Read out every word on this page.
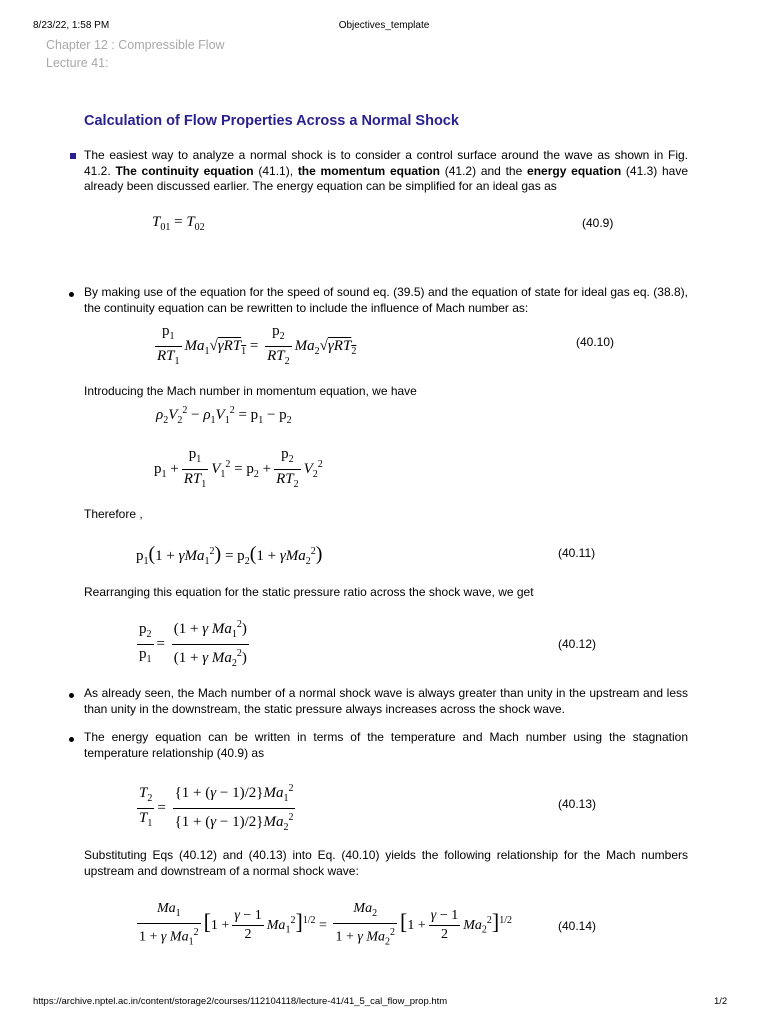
8/23/22, 1:58 PM	Objectives_template
Chapter 12 : Compressible Flow
Lecture 41:
Calculation of Flow Properties Across a Normal Shock
The easiest way to analyze a normal shock is to consider a control surface around the wave as shown in Fig. 41.2. The continuity equation (41.1), the momentum equation (41.2) and the energy equation (41.3) have already been discussed earlier. The energy equation can be simplified for an ideal gas as
$T_{01} = T_{02}$	(40.9)
By making use of the equation for the speed of sound eq. (39.5) and the equation of state for ideal gas eq. (38.8), the continuity equation can be rewritten to include the influence of Mach number as:
$\frac{p_1}{RT_1} Ma_1√\gamma RT_1 = \frac{p_2}{RT_2} Ma_2√\gamma RT_2$
(40.10)
Introducing the Mach number in momentum equation, we have
$\rho_2V_2^2 - \rho_1V_1^2 = p_1 - p_2$
$p_1 + \frac{p_1}{RT_1} V_1^2 = p_2 + \frac{p_2}{RT_2} V_2^2$
Therefore ,
$p_1(1 + \gamma Ma_1^2) = p_2(1 + \gamma Ma_2^2)$	(40.11)
Rearranging this equation for the static pressure ratio across the shock wave, we get
$\frac{p_2}{p_1} = \frac{(1 + \gamma Ma_1^2)}{(1 + \gamma Ma_2^2)}$	(40.12)
As already seen, the Mach number of a normal shock wave is always greater than unity in the upstream and less than unity in the downstream, the static pressure always increases across the shock wave.
The energy equation can be written in terms of the temperature and Mach number using the stagnation temperature relationship (40.9) as
$\frac{T_2}{T_1} = \frac{\{1 + (\gamma - 1)/2\}Ma_1^2}{\{1 + (\gamma - 1)/2\}Ma_2^2}$	(40.13)
Substituting Eqs (40.12) and (40.13) into Eq. (40.10) yields the following relationship for the Mach numbers upstream and downstream of a normal shock wave:
$\frac{Ma_1}{1 + \gamma Ma_1^2} [1 + \frac{\gamma - 1}{2} Ma_1^2]^{1/2} = \frac{Ma_2}{1 + \gamma Ma_2^2} [1 + \frac{\gamma - 1}{2} Ma_2^2]^{1/2}$	(40.14)
https://archive.nptel.ac.in/content/storage2/courses/112104118/lecture-41/41_5_cal_flow_prop.htm	1/2
